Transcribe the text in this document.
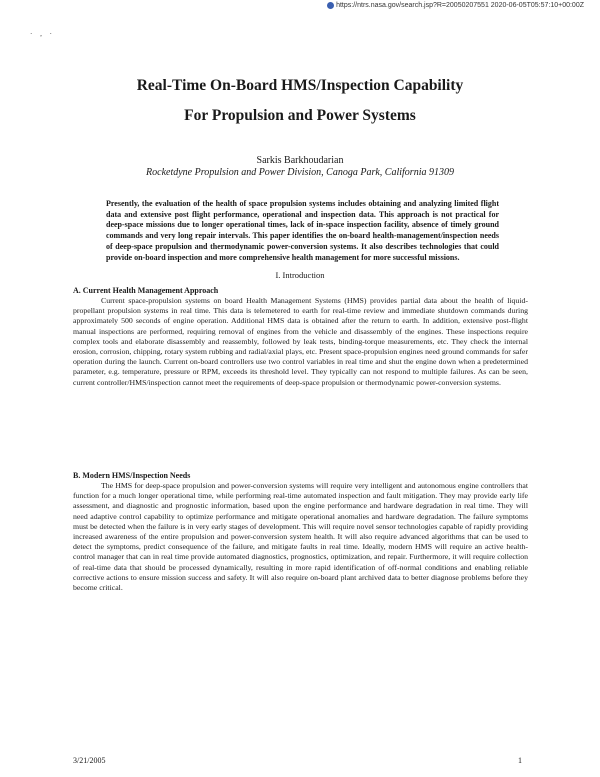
https://ntrs.nasa.gov/search.jsp?R=20050207551 2020-06-05T05:57:10+00:00Z
· , ·
Real-Time On-Board HMS/Inspection Capability
For Propulsion and Power Systems
Sarkis Barkhoudarian
Rocketdyne Propulsion and Power Division, Canoga Park, California 91309

Presently, the evaluation of the health of space propulsion systems includes obtaining and analyzing limited flight data and extensive post flight performance, operational and inspection data. This approach is not practical for deep-space missions due to longer operational times, lack of in-space inspection facility, absence of timely ground commands and very long repair intervals. This paper identifies the on-board health-management/inspection needs of deep-space propulsion and thermodynamic power-conversion systems. It also describes technologies that could provide on-board inspection and more comprehensive health management for more successful missions.

I. Introduction

A. Current Health Management Approach

Current space-propulsion systems on board Health Management Systems (HMS) provides partial data about the health of liquid-propellant propulsion systems in real time. This data is telemetered to earth for real-time review and immediate shutdown commands during approximately 500 seconds of engine operation. Additional HMS data is obtained after the return to earth. In addition, extensive post-flight manual inspections are performed, requiring removal of engines from the vehicle and disassembly of the engines. These inspections require complex tools and elaborate disassembly and reassembly, followed by leak tests, binding-torque measurements, etc. They check the internal erosion, corrosion, chipping, rotary system rubbing and radial/axial plays, etc. Present space-propulsion engines need ground commands for safer operation during the launch. Current on-board controllers use two control variables in real time and shut the engine down when a predetermined parameter, e.g. temperature, pressure or RPM, exceeds its threshold level. They typically can not respond to multiple failures. As can be seen, current controller/HMS/inspection cannot meet the requirements of deep-space propulsion or thermodynamic power-conversion systems.

B. Modern HMS/Inspection Needs

The HMS for deep-space propulsion and power-conversion systems will require very intelligent and autonomous engine controllers that function for a much longer operational time, while performing real-time automated inspection and fault mitigation. They may provide early life assessment, and diagnostic and prognostic information, based upon the engine performance and hardware degradation in real time. They will need adaptive control capability to optimize performance and mitigate operational anomalies and hardware degradation. The failure symptoms must be detected when the failure is in very early stages of development. This will require novel sensor technologies capable of rapidly providing increased awareness of the entire propulsion and power-conversion system health. It will also require advanced algorithms that can be used to detect the symptoms, predict consequence of the failure, and mitigate faults in real time. Ideally, modern HMS will require an active health-control manager that can in real time provide automated diagnostics, prognostics, optimization, and repair. Furthermore, it will require collection of real-time data that should be processed dynamically, resulting in more rapid identification of off-normal conditions and enabling reliable corrective actions to ensure mission success and safety. It will also require on-board plant archived data to better diagnose problems before they become critical.

3/21/2005	1
